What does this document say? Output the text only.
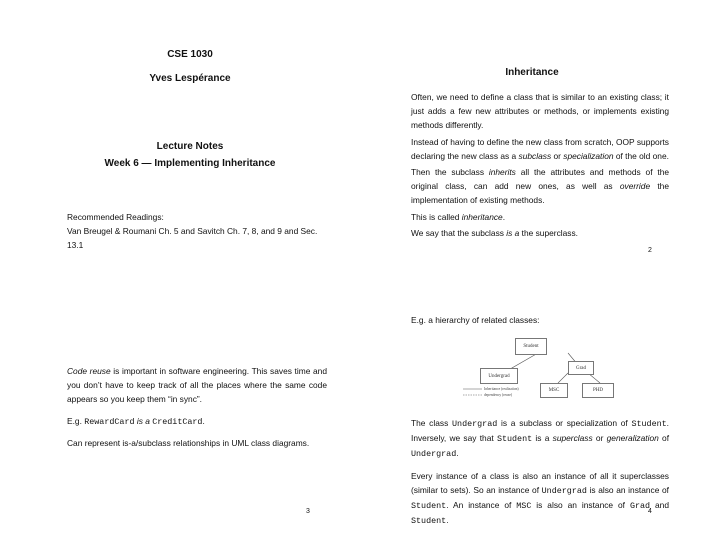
CSE 1030
Yves Lespérance
Lecture Notes
Week 6 — Implementing Inheritance
Recommended Readings:
Van Breugel & Roumani Ch. 5 and Savitch Ch. 7, 8, and 9 and Sec.
13.1
Inheritance
Often, we need to define a class that is similar to an existing class; it just adds a few new attributes or methods, or implements existing methods differently.
Instead of having to define the new class from scratch, OOP supports declaring the new class as a subclass or specialization of the old one.
Then the subclass inherits all the attributes and methods of the original class, can add new ones, as well as override the implementation of existing methods.
This is called inheritance.
We say that the subclass is a the superclass.
2
Code reuse is important in software engineering. This saves time and you don’t have to keep track of all the places where the same code appears so you keep them “in sync”.
E.g. RewardCard is a CreditCard.
Can represent is-a/subclass relationships in UML class diagrams.
3
E.g. a hierarchy of related classes:
Student
Grad
Undergrad
MSC	PHD
Inheritance (realization)
dependency (reuse)
The class Undergrad is a subclass or specialization of Student. Inversely, we say that Student is a superclass or generalization of Undergrad.
Every instance of a class is also an instance of all it superclasses (similar to sets). So an instance of Undergrad is also an instance of Student. An instance of MSC is also an instance of Grad and Student.
4
